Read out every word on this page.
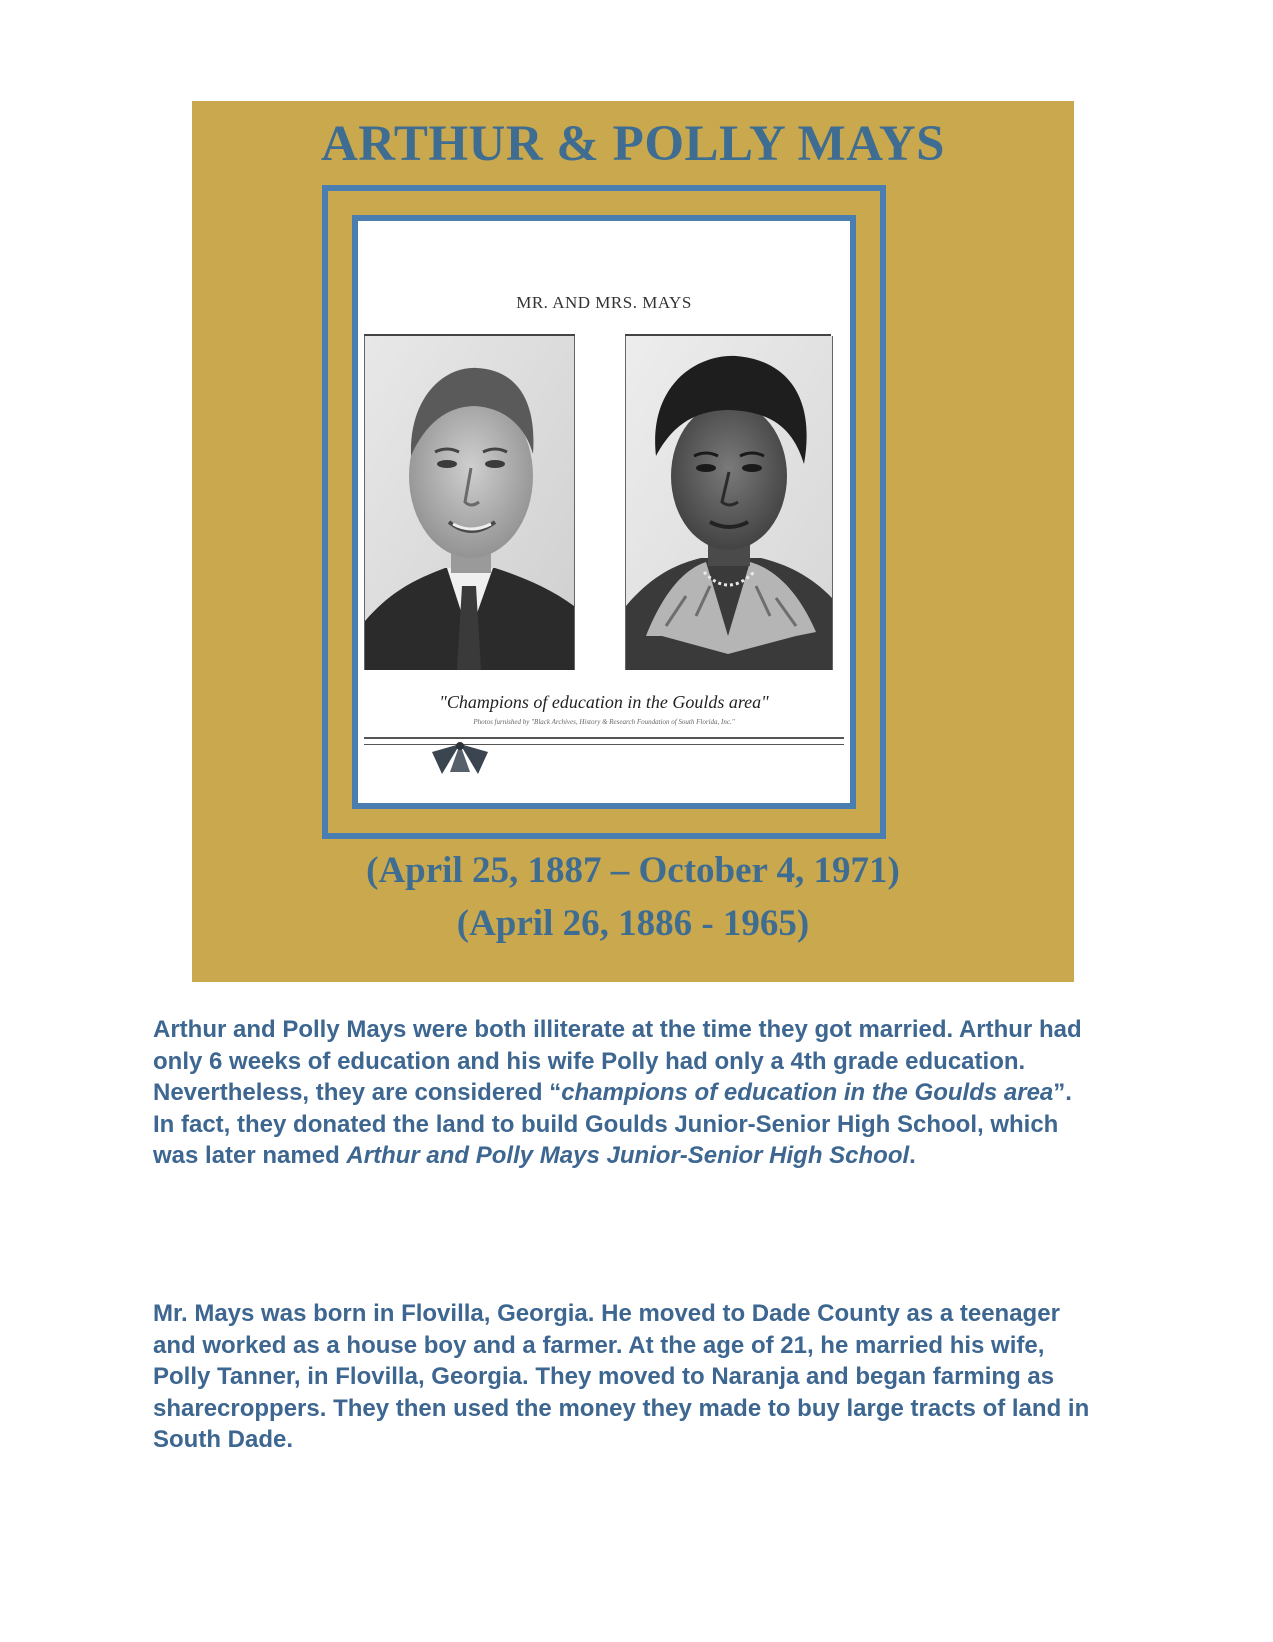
ARTHUR & POLLY MAYS
MR. AND MRS. MAYS
"Champions of education in the Goulds area"
Photos furnished by "Black Archives, History & Research Foundation of South Florida, Inc."
(April 25, 1887 – October 4, 1971)
(April 26, 1886 - 1965)
Arthur and Polly Mays were both illiterate at the time they got married. Arthur had only 6 weeks of education and his wife Polly had only a 4th grade education. Nevertheless, they are considered “champions of education in the Goulds area”. In fact, they donated the land to build Goulds Junior-Senior High School, which was later named Arthur and Polly Mays Junior-Senior High School.
Mr. Mays was born in Flovilla, Georgia. He moved to Dade County as a teenager and worked as a house boy and a farmer. At the age of 21, he married his wife, Polly Tanner, in Flovilla, Georgia. They moved to Naranja and began farming as sharecroppers. They then used the money they made to buy large tracts of land in South Dade.
